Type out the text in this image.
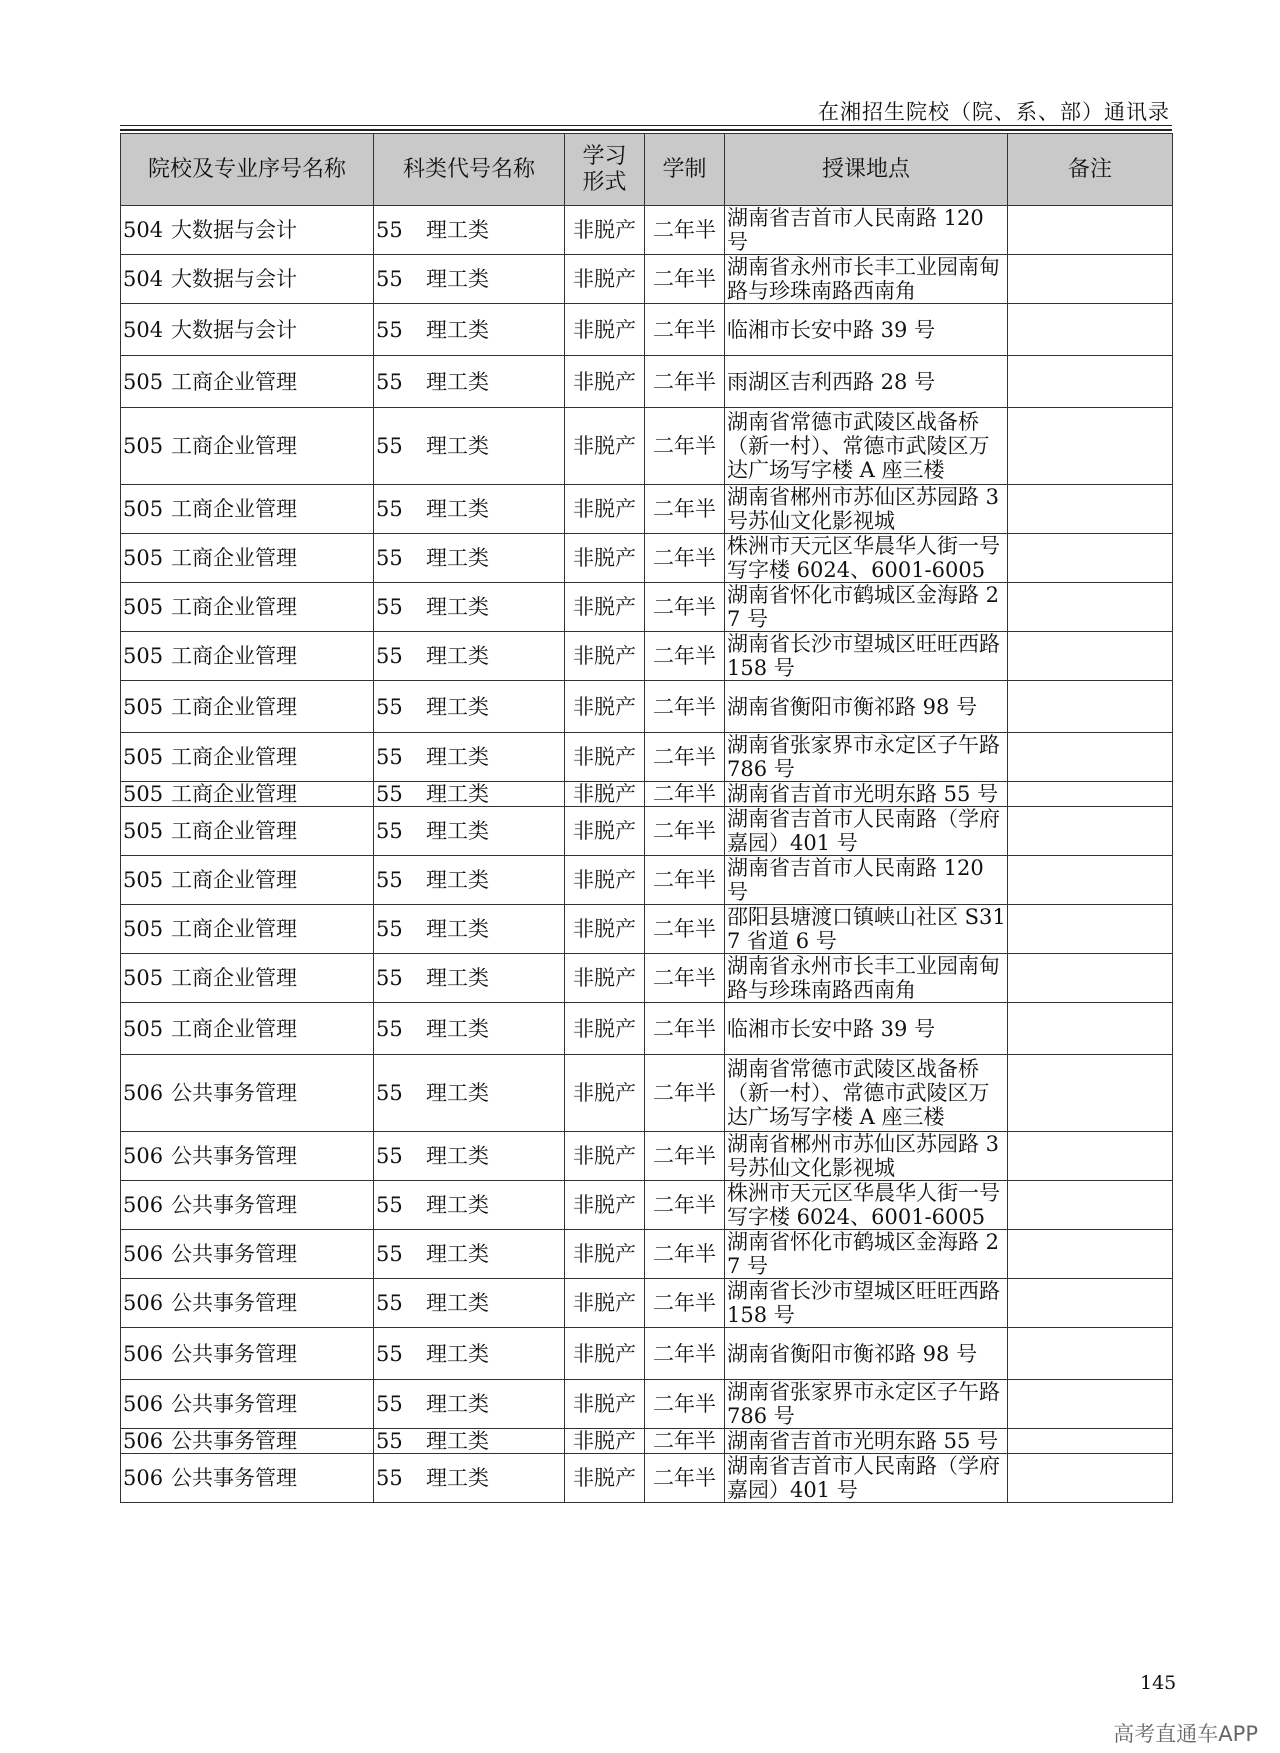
在湘招生院校（院、系、部）通讯录
院校及专业序号名称	科类代号名称	学习形式	学制	授课地点	备注
504 大数据与会计	55 理工类	非脱产	二年半	湖南省吉首市人民南路 120 号	
504 大数据与会计	55 理工类	非脱产	二年半	湖南省永州市长丰工业园南甸路与珍珠南路西南角	
504 大数据与会计	55 理工类	非脱产	二年半	临湘市长安中路 39 号	
505 工商企业管理	55 理工类	非脱产	二年半	雨湖区吉利西路 28 号	
505 工商企业管理	55 理工类	非脱产	二年半	湖南省常德市武陵区战备桥（新一村）、常德市武陵区万达广场写字楼 A 座三楼	
505 工商企业管理	55 理工类	非脱产	二年半	湖南省郴州市苏仙区苏园路 3 号苏仙文化影视城	
505 工商企业管理	55 理工类	非脱产	二年半	株洲市天元区华晨华人街一号写字楼 6024、6001-6005	
505 工商企业管理	55 理工类	非脱产	二年半	湖南省怀化市鹤城区金海路 27 号	
505 工商企业管理	55 理工类	非脱产	二年半	湖南省长沙市望城区旺旺西路 158 号	
505 工商企业管理	55 理工类	非脱产	二年半	湖南省衡阳市衡祁路 98 号	
505 工商企业管理	55 理工类	非脱产	二年半	湖南省张家界市永定区子午路 786 号	
505 工商企业管理	55 理工类	非脱产	二年半	湖南省吉首市光明东路 55 号	
505 工商企业管理	55 理工类	非脱产	二年半	湖南省吉首市人民南路（学府嘉园）401 号	
505 工商企业管理	55 理工类	非脱产	二年半	湖南省吉首市人民南路 120 号	
505 工商企业管理	55 理工类	非脱产	二年半	邵阳县塘渡口镇峡山社区 S317 省道 6 号	
505 工商企业管理	55 理工类	非脱产	二年半	湖南省永州市长丰工业园南甸路与珍珠南路西南角	
505 工商企业管理	55 理工类	非脱产	二年半	临湘市长安中路 39 号	
506 公共事务管理	55 理工类	非脱产	二年半	湖南省常德市武陵区战备桥（新一村）、常德市武陵区万达广场写字楼 A 座三楼	
506 公共事务管理	55 理工类	非脱产	二年半	湖南省郴州市苏仙区苏园路 3 号苏仙文化影视城	
506 公共事务管理	55 理工类	非脱产	二年半	株洲市天元区华晨华人街一号写字楼 6024、6001-6005	
506 公共事务管理	55 理工类	非脱产	二年半	湖南省怀化市鹤城区金海路 27 号	
506 公共事务管理	55 理工类	非脱产	二年半	湖南省长沙市望城区旺旺西路 158 号	
506 公共事务管理	55 理工类	非脱产	二年半	湖南省衡阳市衡祁路 98 号	
506 公共事务管理	55 理工类	非脱产	二年半	湖南省张家界市永定区子午路 786 号	
506 公共事务管理	55 理工类	非脱产	二年半	湖南省吉首市光明东路 55 号	
506 公共事务管理	55 理工类	非脱产	二年半	湖南省吉首市人民南路（学府嘉园）401 号	
145
高考直通车APP
